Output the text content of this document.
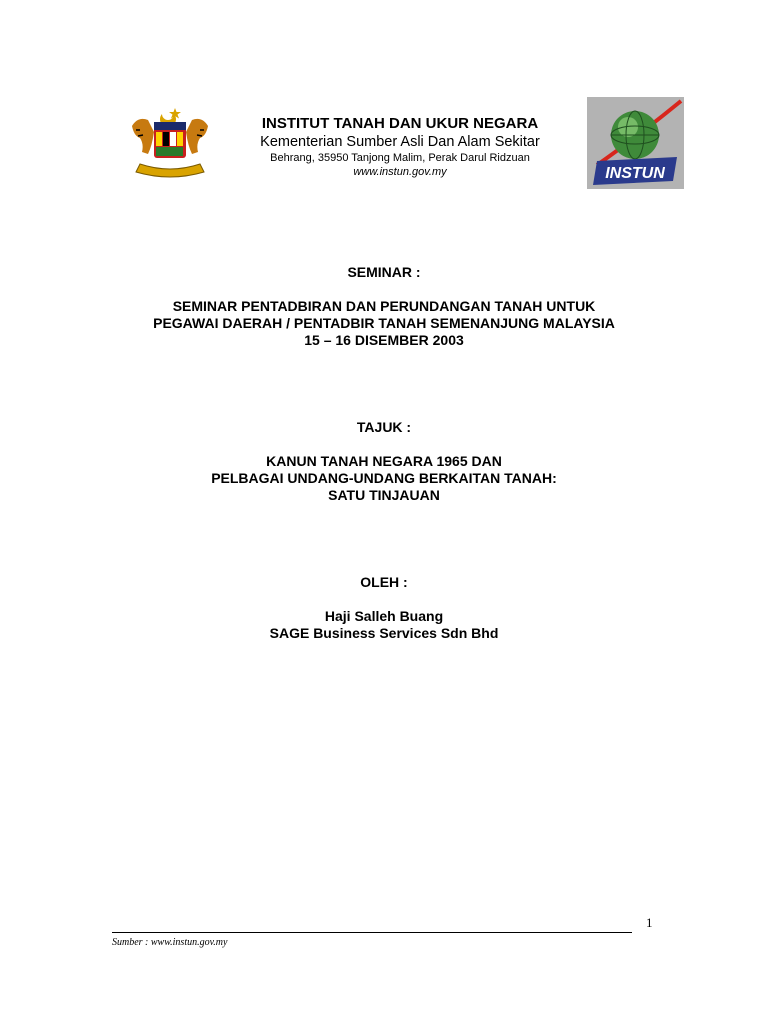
INSTITUT TANAH DAN UKUR NEGARA
Kementerian Sumber Asli Dan Alam Sekitar
Behrang, 35950 Tanjong Malim, Perak Darul Ridzuan
www.instun.gov.my	INSTUN
SEMINAR :
SEMINAR PENTADBIRAN DAN PERUNDANGAN TANAH UNTUK
PEGAWAI DAERAH / PENTADBIR TANAH SEMENANJUNG MALAYSIA
15 – 16 DISEMBER 2003
TAJUK :
KANUN TANAH NEGARA 1965 DAN
PELBAGAI UNDANG-UNDANG BERKAITAN TANAH:
SATU TINJAUAN
OLEH :
Haji Salleh Buang
SAGE Business Services Sdn Bhd
1
Sumber : www.instun.gov.my
